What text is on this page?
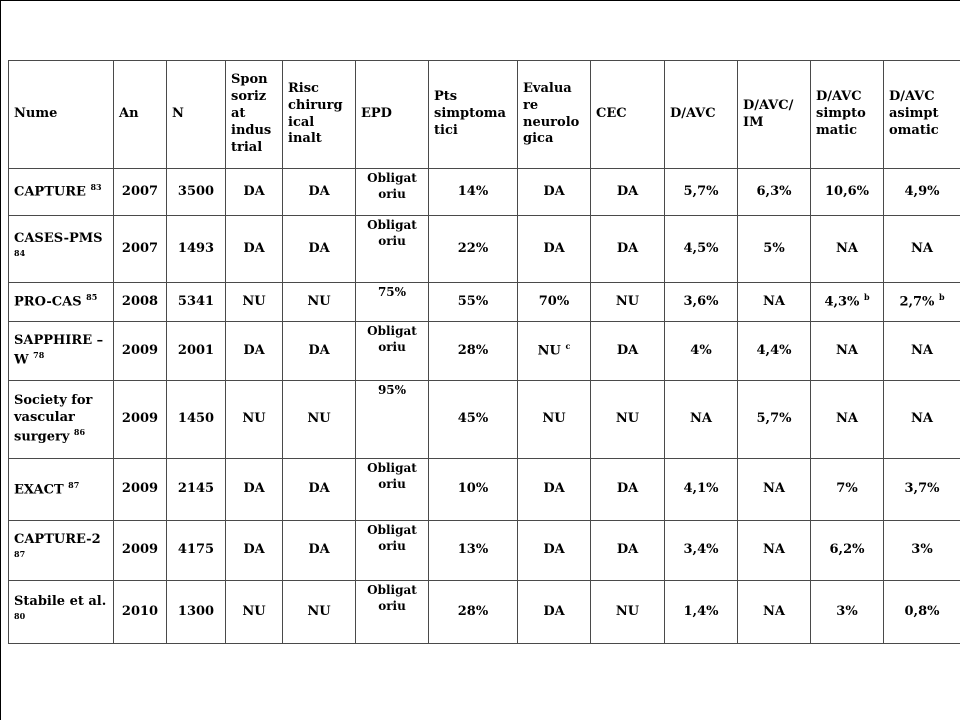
Nume	An	N	Spon soriz at indus trial	Risc chirurg ical inalt	EPD	Pts simptoma tici	Evalua re neurolo gica	CEC	D/AVC	D/AVC/ IM	D/AVC simpto matic	D/AVC asimpt omatic
CAPTURE $^{83}$	2007	3500	DA	DA	Obligat oriu	14%	DA	DA	5,7%	6,3%	10,6%	4,9%
CASES-PMS $^{84}$	2007	1493	DA	DA	Obligat oriu	22%	DA	DA	4,5%	5%	NA	NA
PRO-CAS $^{85}$	2008	5341	NU	NU	75%	55%	70%	NU	3,6%	NA	4,3% $^b$	2,7% $^b$
SAPPHIRE –W $^{78}$	2009	2001	DA	DA	Obligat oriu	28%	NU $^c$	DA	4%	4,4%	NA	NA
Society for vascular surgery $^{86}$	2009	1450	NU	NU	95%	45%	NU	NU	NA	5,7%	NA	NA
EXACT $^{87}$	2009	2145	DA	DA	Obligat oriu	10%	DA	DA	4,1%	NA	7%	3,7%
CAPTURE-2 $^{87}$	2009	4175	DA	DA	Obligat oriu	13%	DA	DA	3,4%	NA	6,2%	3%
Stabile et al. $^{80}$	2010	1300	NU	NU	Obligat oriu	28%	DA	NU	1,4%	NA	3%	0,8%
